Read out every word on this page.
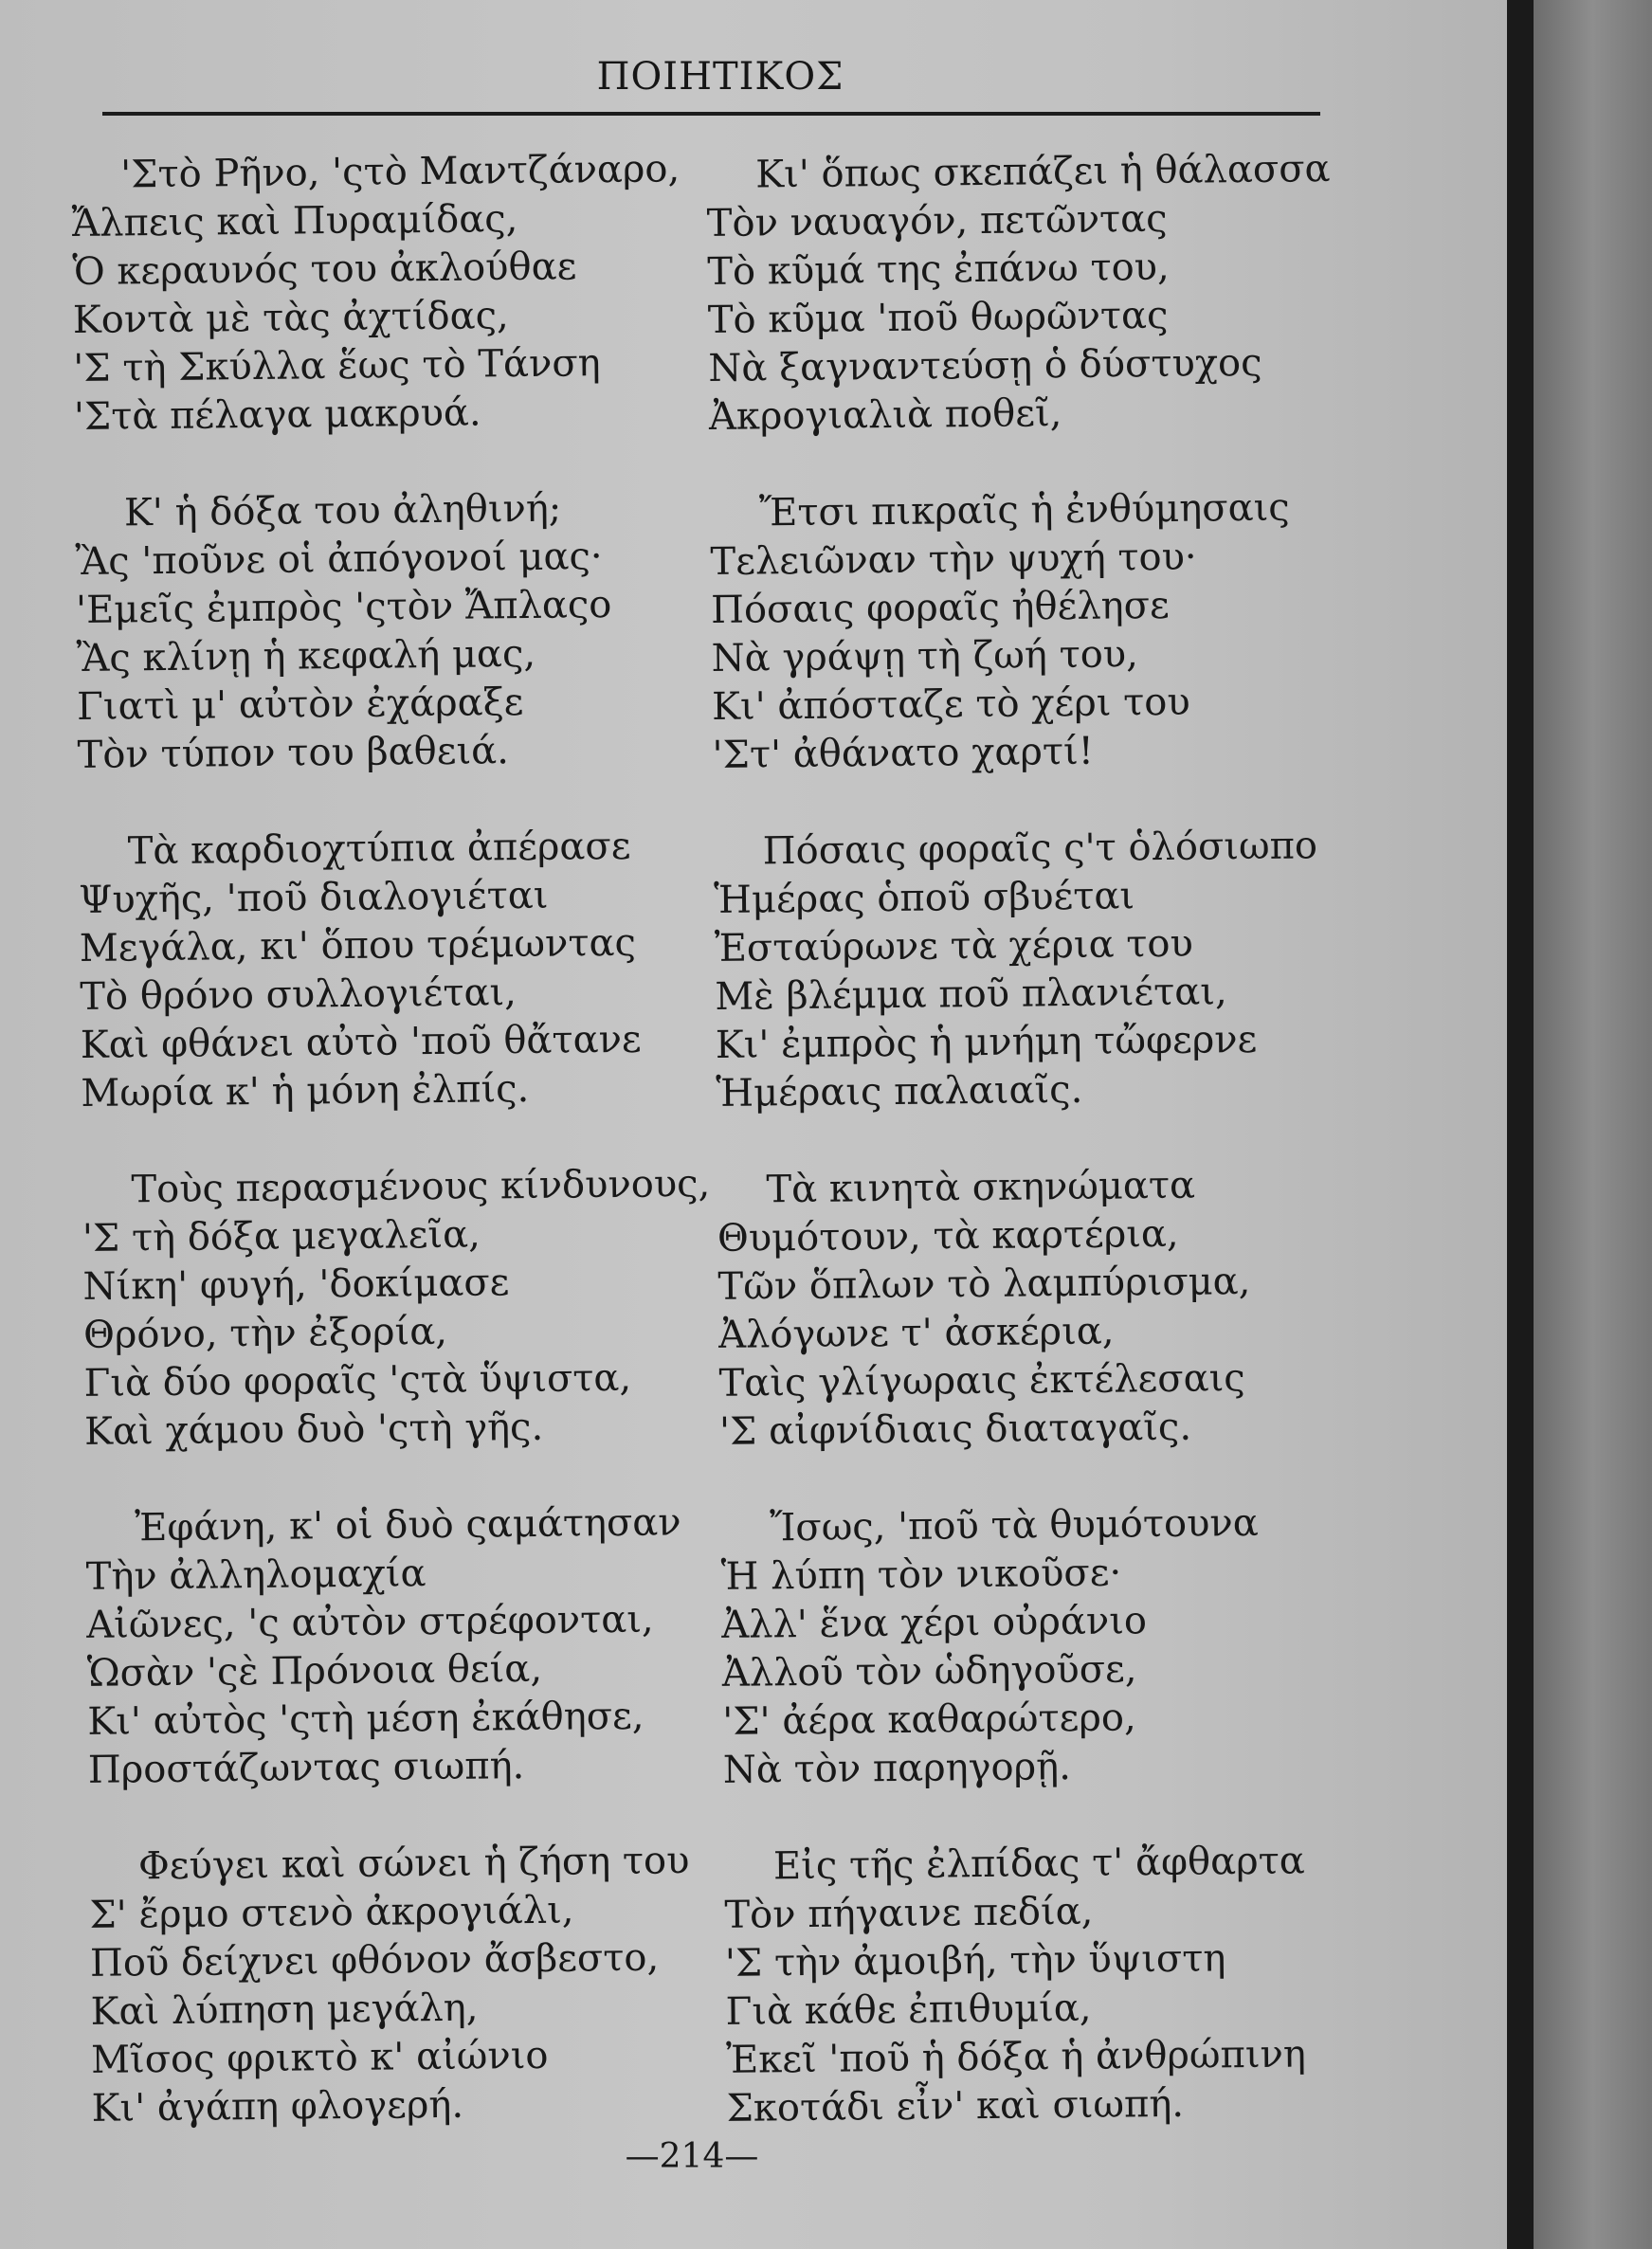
ΠΟΙΗΤΙΚΟΣ
'Στὸ Ρῆνο, 'ςτὸ Μαντζάναρο,
Ἄλπεις καὶ Πυραμίδας,
Ὁ κεραυνός του ἀκλούθαε
Κοντὰ μὲ τὰς ἀχτίδας,
'Σ τὴ Σκύλλα ἕως τὸ Τάνση
'Στὰ πέλαγα μακρυά.
Κ' ἡ δόξα του ἀληθινή;
Ἂς 'ποῦνε οἱ ἀπόγονοί μας·
'Εμεῖς ἐμπρὸς 'ςτὸν Ἄπλαςο
Ἂς κλίνῃ ἡ κεφαλή μας,
Γιατὶ μ' αὐτὸν ἐχάραξε
Τὸν τύπον του βαθειά.
Τὰ καρδιοχτύπια ἀπέρασε
Ψυχῆς, 'ποῦ διαλογιέται
Μεγάλα, κι' ὅπου τρέμωντας
Τὸ θρόνο συλλογιέται,
Καὶ φθάνει αὐτὸ 'ποῦ θἄτανε
Μωρία κ' ἡ μόνη ἐλπίς.
Τοὺς περασμένους κίνδυνους,
'Σ τὴ δόξα μεγαλεῖα,
Νίκη' φυγή, 'δοκίμασε
Θρόνο, τὴν ἐξορία,
Γιὰ δύο φοραῖς 'ςτὰ ὕψιστα,
Καὶ χάμου δυὸ 'ςτὴ γῆς.
Ἐφάνη, κ' οἱ δυὸ ςαμάτησαν
Τὴν ἀλληλομαχία
Αἰῶνες, 'ς αὐτὸν στρέφονται,
Ὡσὰν 'ςὲ Πρόνοια θεία,
Κι' αὐτὸς 'ςτὴ μέση ἐκάθησε,
Προστάζωντας σιωπή.
Φεύγει καὶ σώνει ἡ ζήση του
Σ' ἔρμο στενὸ ἀκρογιάλι,
Ποῦ δείχνει φθόνον ἄσβεστο,
Καὶ λύπηση μεγάλη,
Μῖσος φρικτὸ κ' αἰώνιο
Κι' ἀγάπη φλογερή.
Κι' ὅπως σκεπάζει ἡ θάλασσα
Τὸν ναυαγόν, πετῶντας
Τὸ κῦμά της ἐπάνω του,
Τὸ κῦμα 'ποῦ θωρῶντας
Νὰ ξαγναντεύσῃ ὁ δύστυχος
Ἀκρογιαλιὰ ποθεῖ,
Ἔτσι πικραῖς ἡ ἐνθύμησαις
Τελειῶναν τὴν ψυχή του·
Πόσαις φοραῖς ἠθέλησε
Νὰ γράψῃ τὴ ζωή του,
Κι' ἀπόσταζε τὸ χέρι του
'Στ' ἀθάνατο χαρτί!
Πόσαις φοραῖς ς'τ ὁλόσιωπο
Ἡμέρας ὁποῦ σβυέται
Ἐσταύρωνε τὰ χέρια του
Μὲ βλέμμα ποῦ πλανιέται,
Κι' ἐμπρὸς ἡ μνήμη τὤφερνε
Ἡμέραις παλαιαῖς.
Τὰ κινητὰ σκηνώματα
Θυμότουν, τὰ καρτέρια,
Τῶν ὅπλων τὸ λαμπύρισμα,
Ἀλόγωνε τ' ἀσκέρια,
Ταὶς γλίγωραις ἐκτέλεσαις
'Σ αἰφνίδιαις διαταγαῖς.
Ἴσως, 'ποῦ τὰ θυμότουνα
Ἡ λύπη τὸν νικοῦσε·
Ἀλλ' ἕνα χέρι οὐράνιο
Ἀλλοῦ τὸν ὡδηγοῦσε,
'Σ' ἀέρα καθαρώτερο,
Νὰ τὸν παρηγορῇ.
Εἰς τῆς ἐλπίδας τ' ἄφθαρτα
Τὸν πήγαινε πεδία,
'Σ τὴν ἀμοιβή, τὴν ὕψιστη
Γιὰ κάθε ἐπιθυμία,
Ἐκεῖ 'ποῦ ἡ δόξα ἡ ἀνθρώπινη
Σκοτάδι εἶν' καὶ σιωπή.
—214—
